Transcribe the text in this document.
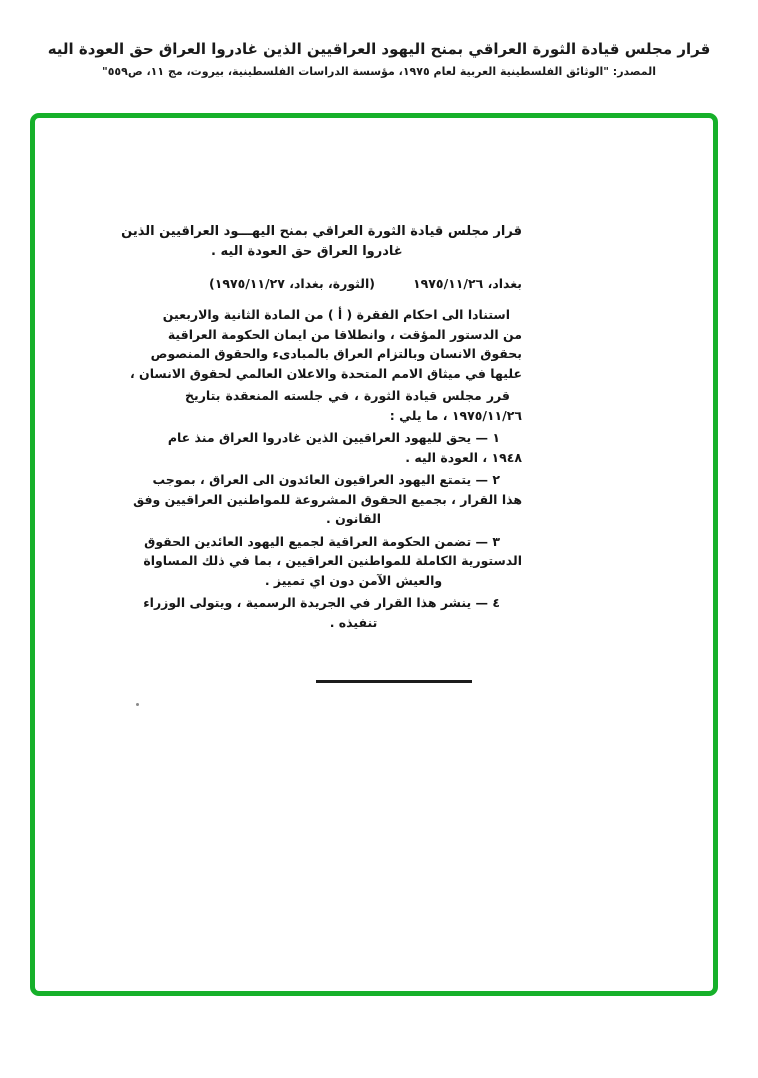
قرار مجلس قيادة الثورة العراقي بمنح اليهود العراقيين الذين غادروا العراق حق العودة اليه
المصدر: "الوثائق الفلسطينية العربية لعام ١٩٧٥، مؤسسة الدراسات الفلسطينية، بيروت، مج ١١، ص٥٥٩"
قرار مجلس قيادة الثورة العراقي بمنح اليهـــود العراقيين الذين
غادروا العراق حق العودة اليه .
بغداد، ١٩٧٥/١١/٢٦
(الثورة، بغداد، ١٩٧٥/١١/٢٧)
استنادا الى احكام الفقرة ( أ ) من المادة الثانية والاربعين
من الدستور المؤقت ، وانطلاقا من ايمان الحكومة العراقية
بحقوق الانسان وبالتزام العراق بالمبادىء والحقوق المنصوص
عليها في ميثاق الامم المتحدة والاعلان العالمي لحقوق الانسان ،
قرر مجلس قيادة الثورة ، في جلسته المنعقدة بتاريخ
١٩٧٥/١١/٢٦ ، ما يلي :
١ — يحق لليهود العراقيين الذين غادروا العراق منذ عام
١٩٤٨ ، العودة اليه .
٢ — يتمتع اليهود العراقيون العائدون الى العراق ، بموجب
هذا القرار ، بجميع الحقوق المشروعة للمواطنين العراقيين وفق
القانون .
٣ — تضمن الحكومة العراقية لجميع اليهود العائدين الحقوق
الدستورية الكاملة للمواطنين العراقيين ، بما في ذلك المساواة
والعيش الآمن دون اي تمييز .
٤ — ينشر هذا القرار في الجريدة الرسمية ، ويتولى الوزراء
تنفيذه .
